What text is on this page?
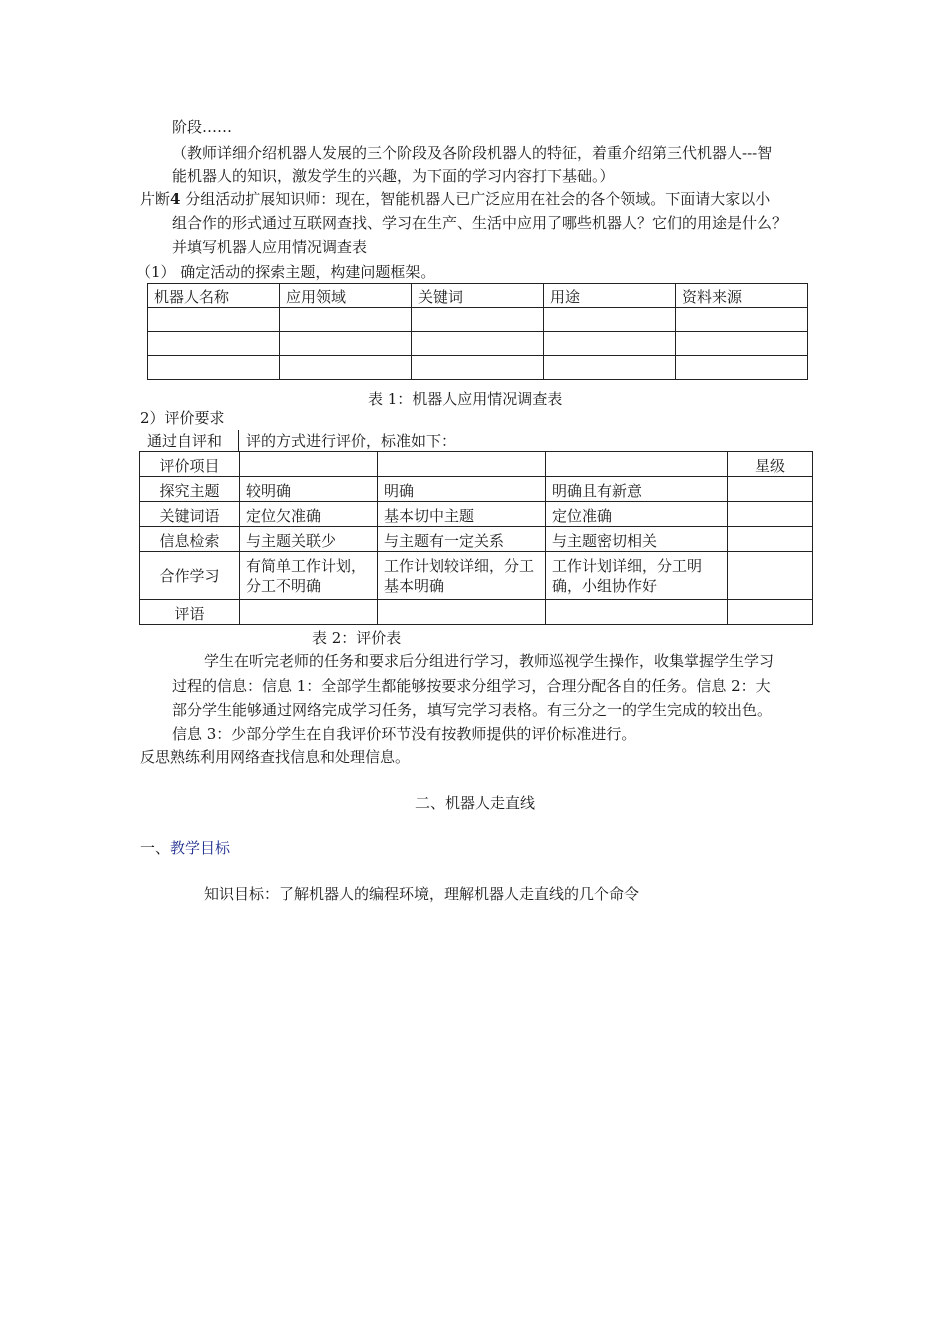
阶段……
（教师详细介绍机器人发展的三个阶段及各阶段机器人的特征，着重介绍第三代机器人---智
能机器人的知识，激发学生的兴趣，为下面的学习内容打下基础。）
片断4 分组活动扩展知识师：现在，智能机器人已广泛应用在社会的各个领域。下面请大家以小
组合作的形式通过互联网查找、学习在生产、生活中应用了哪些机器人？它们的用途是什么？
并填写机器人应用情况调查表
（1） 确定活动的探索主题，构建问题框架。
机器人名称	应用领域	关键词	用途	资料来源

表 1：机器人应用情况调查表
2）评价要求
通过自评和 评的方式进行评价，标准如下：
评价项目				星级
探究主题	较明确	明确	明确且有新意	
关键词语	定位欠准确	基本切中主题	定位准确	
信息检索	与主题关联少	与主题有一定关系	与主题密切相关	
合作学习	有简单工作计划，分工不明确	工作计划较详细，分工基本明确	工作计划详细，分工明确，小组协作好	
评语				
表 2：评价表
学生在听完老师的任务和要求后分组进行学习，教师巡视学生操作，收集掌握学生学习
过程的信息：信息 1：全部学生都能够按要求分组学习，合理分配各自的任务。信息 2：大
部分学生能够通过网络完成学习任务，填写完学习表格。有三分之一的学生完成的较出色。
信息 3：少部分学生在自我评价环节没有按教师提供的评价标准进行。
反思熟练利用网络查找信息和处理信息。
二、机器人走直线
一、教学目标
知识目标：了解机器人的编程环境，理解机器人走直线的几个命令
